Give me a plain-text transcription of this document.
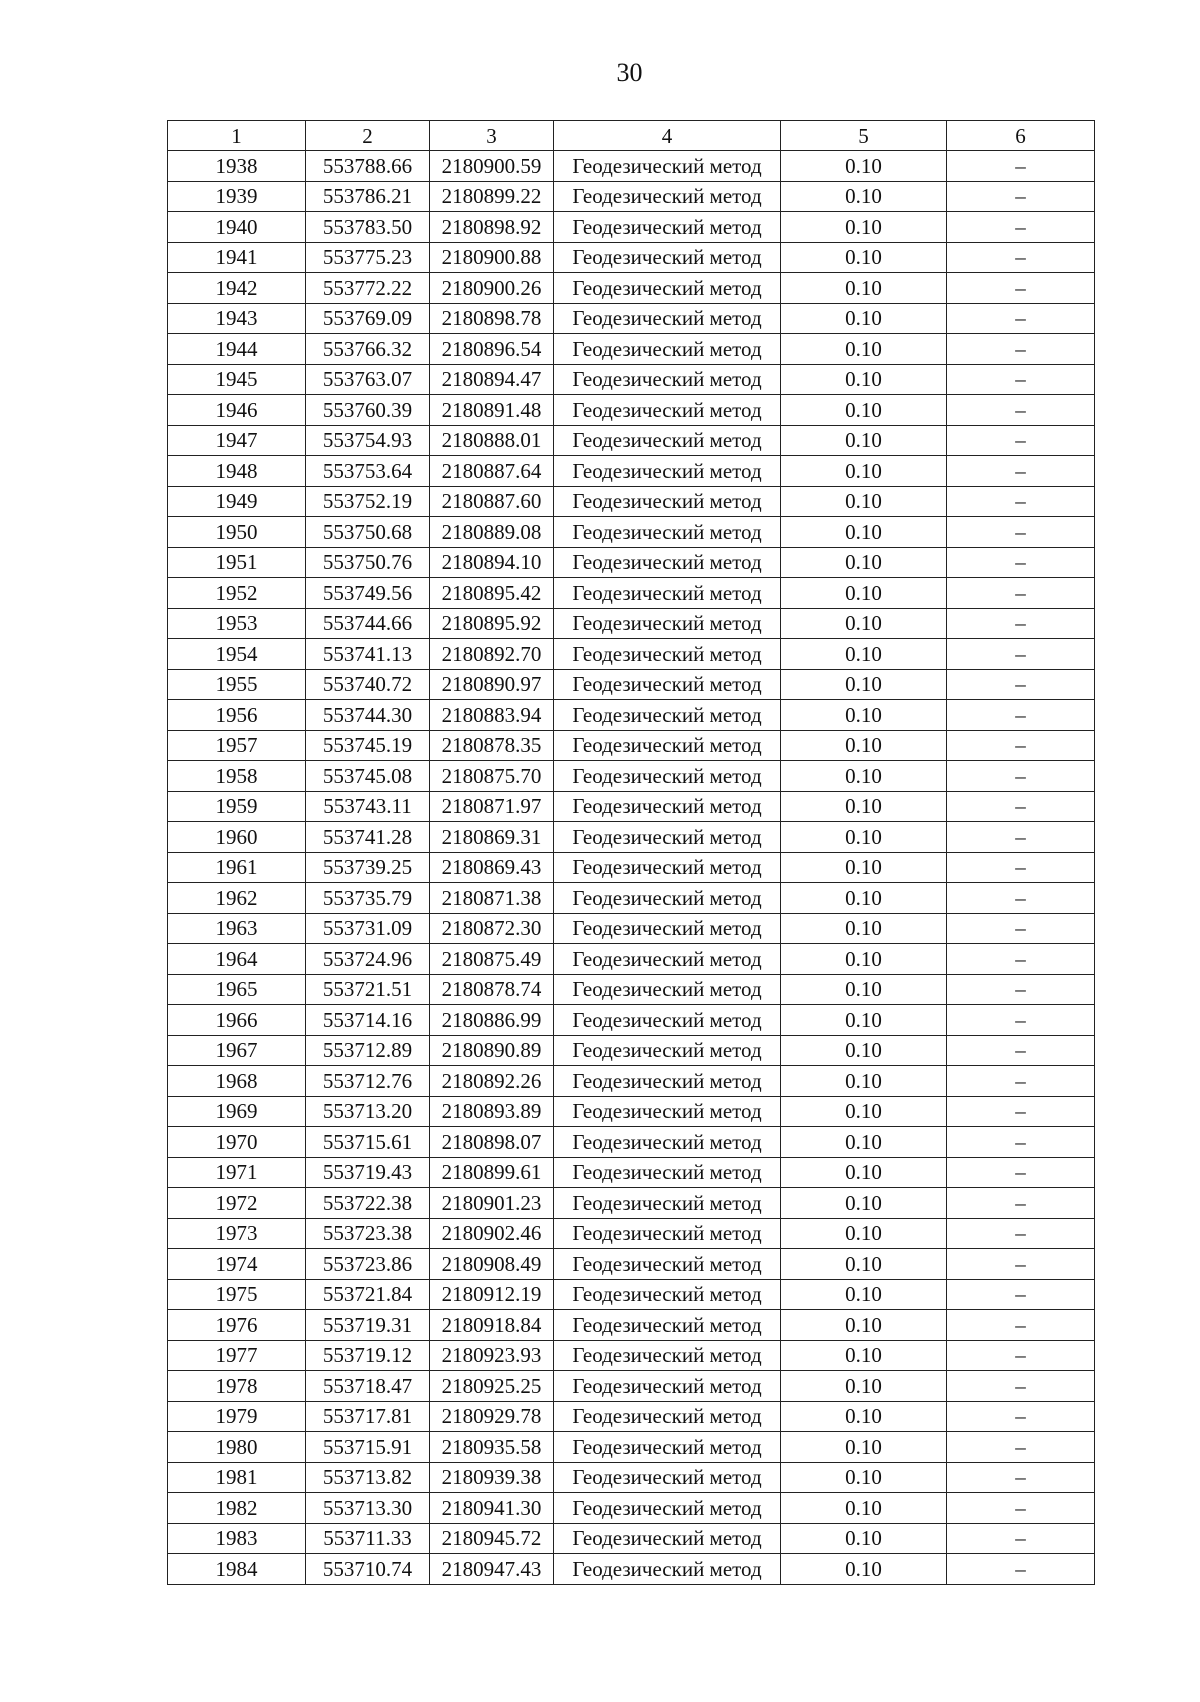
30
1	2	3	4	5	6
1938	553788.66	2180900.59	Геодезический метод	0.10	–
1939	553786.21	2180899.22	Геодезический метод	0.10	–
1940	553783.50	2180898.92	Геодезический метод	0.10	–
1941	553775.23	2180900.88	Геодезический метод	0.10	–
1942	553772.22	2180900.26	Геодезический метод	0.10	–
1943	553769.09	2180898.78	Геодезический метод	0.10	–
1944	553766.32	2180896.54	Геодезический метод	0.10	–
1945	553763.07	2180894.47	Геодезический метод	0.10	–
1946	553760.39	2180891.48	Геодезический метод	0.10	–
1947	553754.93	2180888.01	Геодезический метод	0.10	–
1948	553753.64	2180887.64	Геодезический метод	0.10	–
1949	553752.19	2180887.60	Геодезический метод	0.10	–
1950	553750.68	2180889.08	Геодезический метод	0.10	–
1951	553750.76	2180894.10	Геодезический метод	0.10	–
1952	553749.56	2180895.42	Геодезический метод	0.10	–
1953	553744.66	2180895.92	Геодезический метод	0.10	–
1954	553741.13	2180892.70	Геодезический метод	0.10	–
1955	553740.72	2180890.97	Геодезический метод	0.10	–
1956	553744.30	2180883.94	Геодезический метод	0.10	–
1957	553745.19	2180878.35	Геодезический метод	0.10	–
1958	553745.08	2180875.70	Геодезический метод	0.10	–
1959	553743.11	2180871.97	Геодезический метод	0.10	–
1960	553741.28	2180869.31	Геодезический метод	0.10	–
1961	553739.25	2180869.43	Геодезический метод	0.10	–
1962	553735.79	2180871.38	Геодезический метод	0.10	–
1963	553731.09	2180872.30	Геодезический метод	0.10	–
1964	553724.96	2180875.49	Геодезический метод	0.10	–
1965	553721.51	2180878.74	Геодезический метод	0.10	–
1966	553714.16	2180886.99	Геодезический метод	0.10	–
1967	553712.89	2180890.89	Геодезический метод	0.10	–
1968	553712.76	2180892.26	Геодезический метод	0.10	–
1969	553713.20	2180893.89	Геодезический метод	0.10	–
1970	553715.61	2180898.07	Геодезический метод	0.10	–
1971	553719.43	2180899.61	Геодезический метод	0.10	–
1972	553722.38	2180901.23	Геодезический метод	0.10	–
1973	553723.38	2180902.46	Геодезический метод	0.10	–
1974	553723.86	2180908.49	Геодезический метод	0.10	–
1975	553721.84	2180912.19	Геодезический метод	0.10	–
1976	553719.31	2180918.84	Геодезический метод	0.10	–
1977	553719.12	2180923.93	Геодезический метод	0.10	–
1978	553718.47	2180925.25	Геодезический метод	0.10	–
1979	553717.81	2180929.78	Геодезический метод	0.10	–
1980	553715.91	2180935.58	Геодезический метод	0.10	–
1981	553713.82	2180939.38	Геодезический метод	0.10	–
1982	553713.30	2180941.30	Геодезический метод	0.10	–
1983	553711.33	2180945.72	Геодезический метод	0.10	–
1984	553710.74	2180947.43	Геодезический метод	0.10	–
